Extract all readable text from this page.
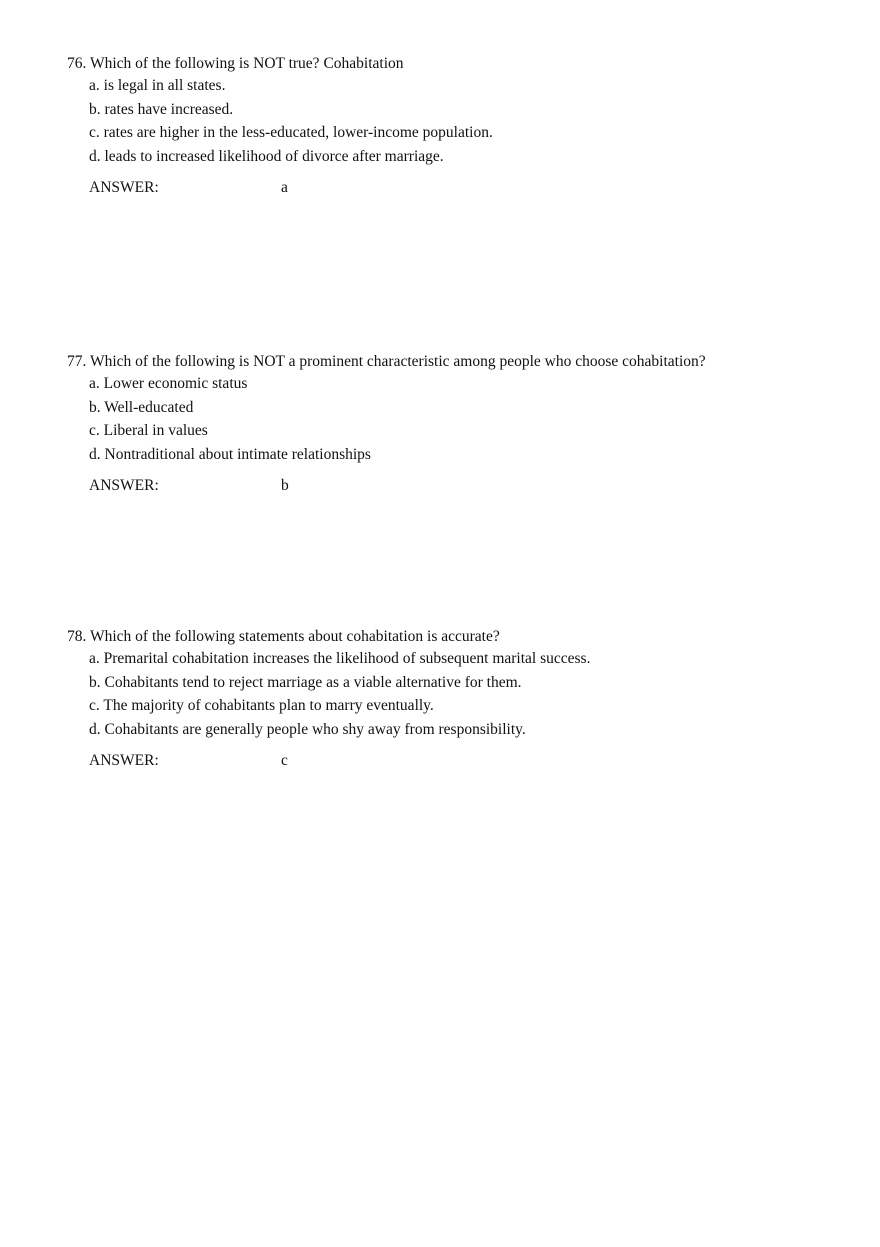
76. Which of the following is NOT true? Cohabitation
a. is legal in all states.
b. rates have increased.
c. rates are higher in the less-educated, lower-income population.
d. leads to increased likelihood of divorce after marriage.
ANSWER:	a
77. Which of the following is NOT a prominent characteristic among people who choose cohabitation?
a. Lower economic status
b. Well-educated
c. Liberal in values
d. Nontraditional about intimate relationships
ANSWER:	b
78. Which of the following statements about cohabitation is accurate?
a. Premarital cohabitation increases the likelihood of subsequent marital success.
b. Cohabitants tend to reject marriage as a viable alternative for them.
c. The majority of cohabitants plan to marry eventually.
d. Cohabitants are generally people who shy away from responsibility.
ANSWER:	c
